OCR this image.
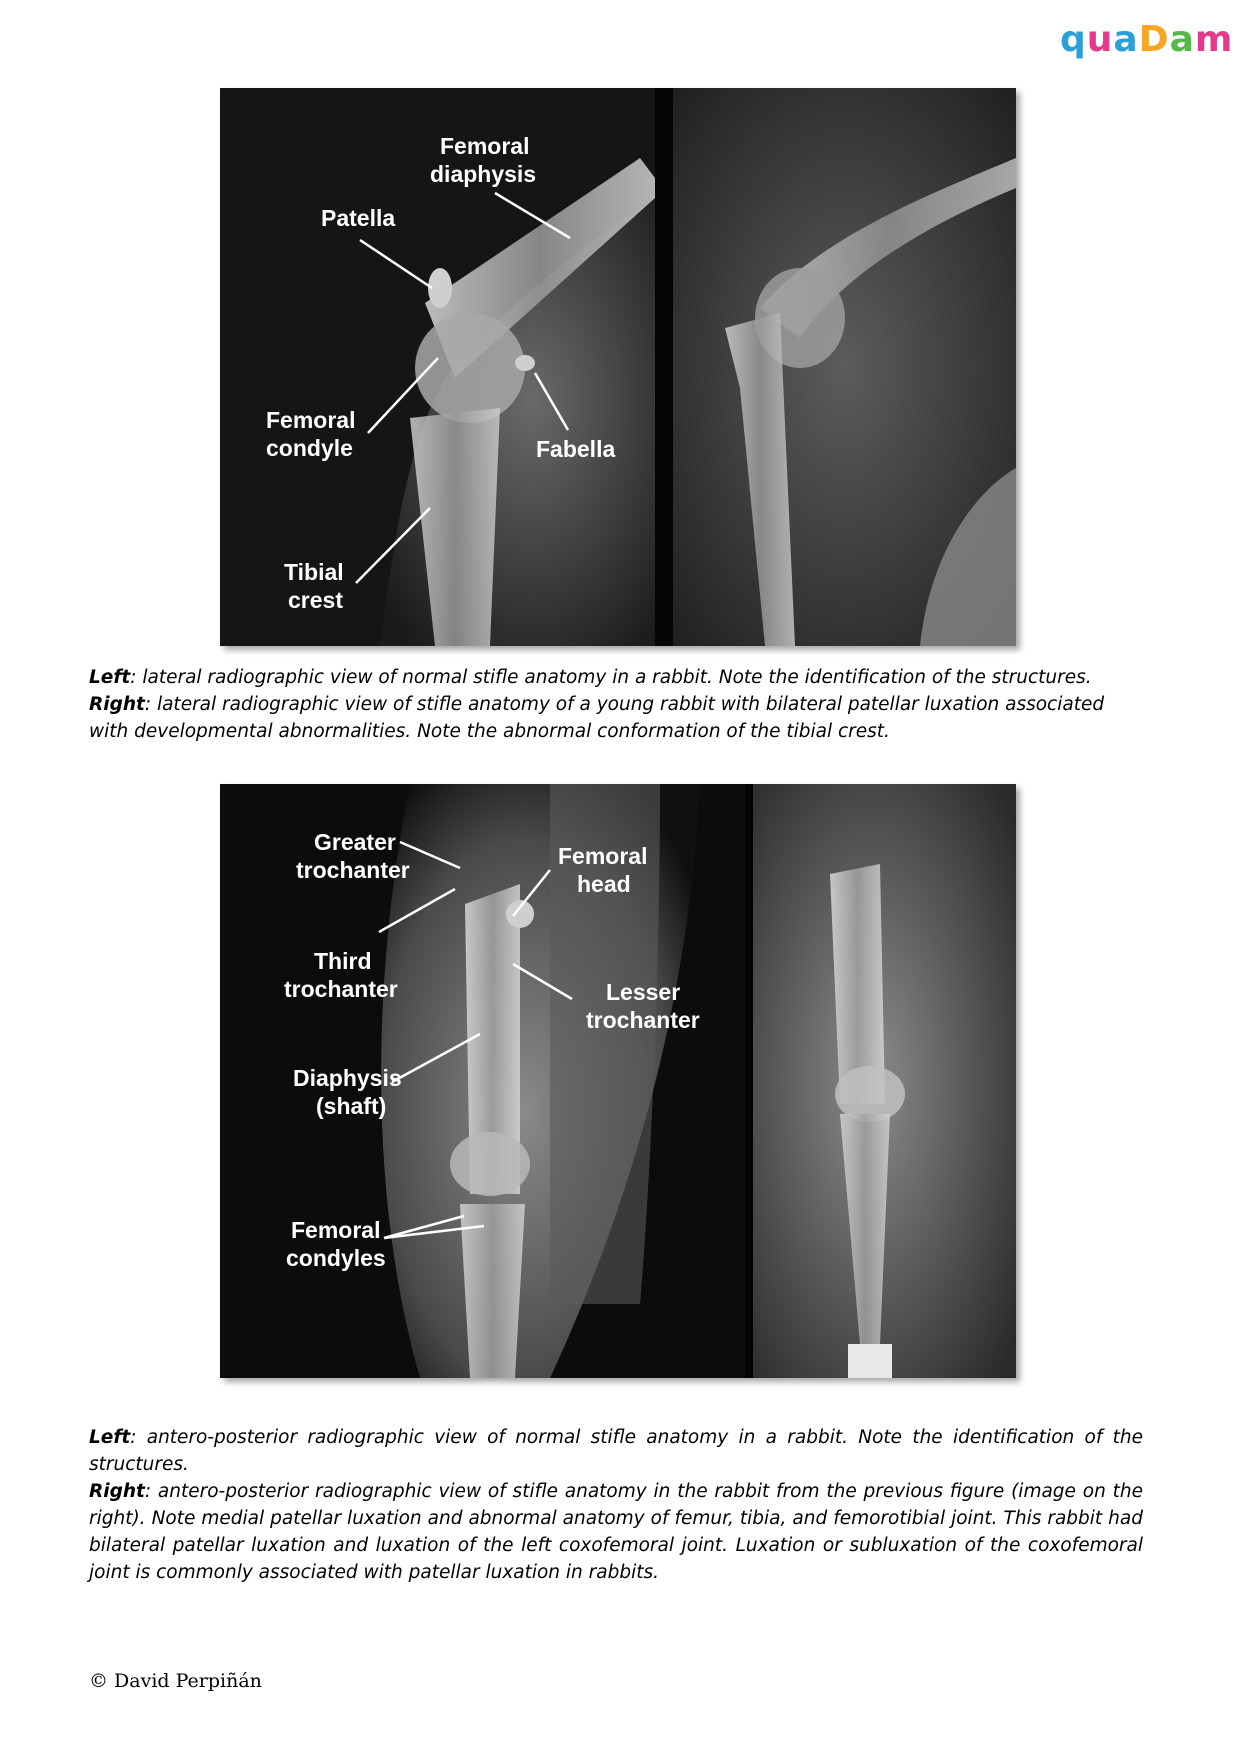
q u a D a m
Femoral
diaphysis
Patella
Femoral
condyle	Fabella
Tibial
crest

Left: lateral radiographic view of normal stifle anatomy in a rabbit. Note the identification of the structures.

Right: lateral radiographic view of stifle anatomy of a young rabbit with bilateral patellar luxation associated with developmental abnormalities. Note the abnormal conformation of the tibial crest.

Greater
trochanter
Femoral
head
Third
trochanter	Lesser
trochanter
Diaphysis
(shaft)
Femoral
condyles

Left: antero-posterior radiographic view of normal stifle anatomy in a rabbit. Note the identification of the structures.

Right: antero-posterior radiographic view of stifle anatomy in the rabbit from the previous figure (image on the right). Note medial patellar luxation and abnormal anatomy of femur, tibia, and femorotibial joint. This rabbit had bilateral patellar luxation and luxation of the left coxofemoral joint. Luxation or subluxation of the coxofemoral joint is commonly associated with patellar luxation in rabbits.

© David Perpiñán
